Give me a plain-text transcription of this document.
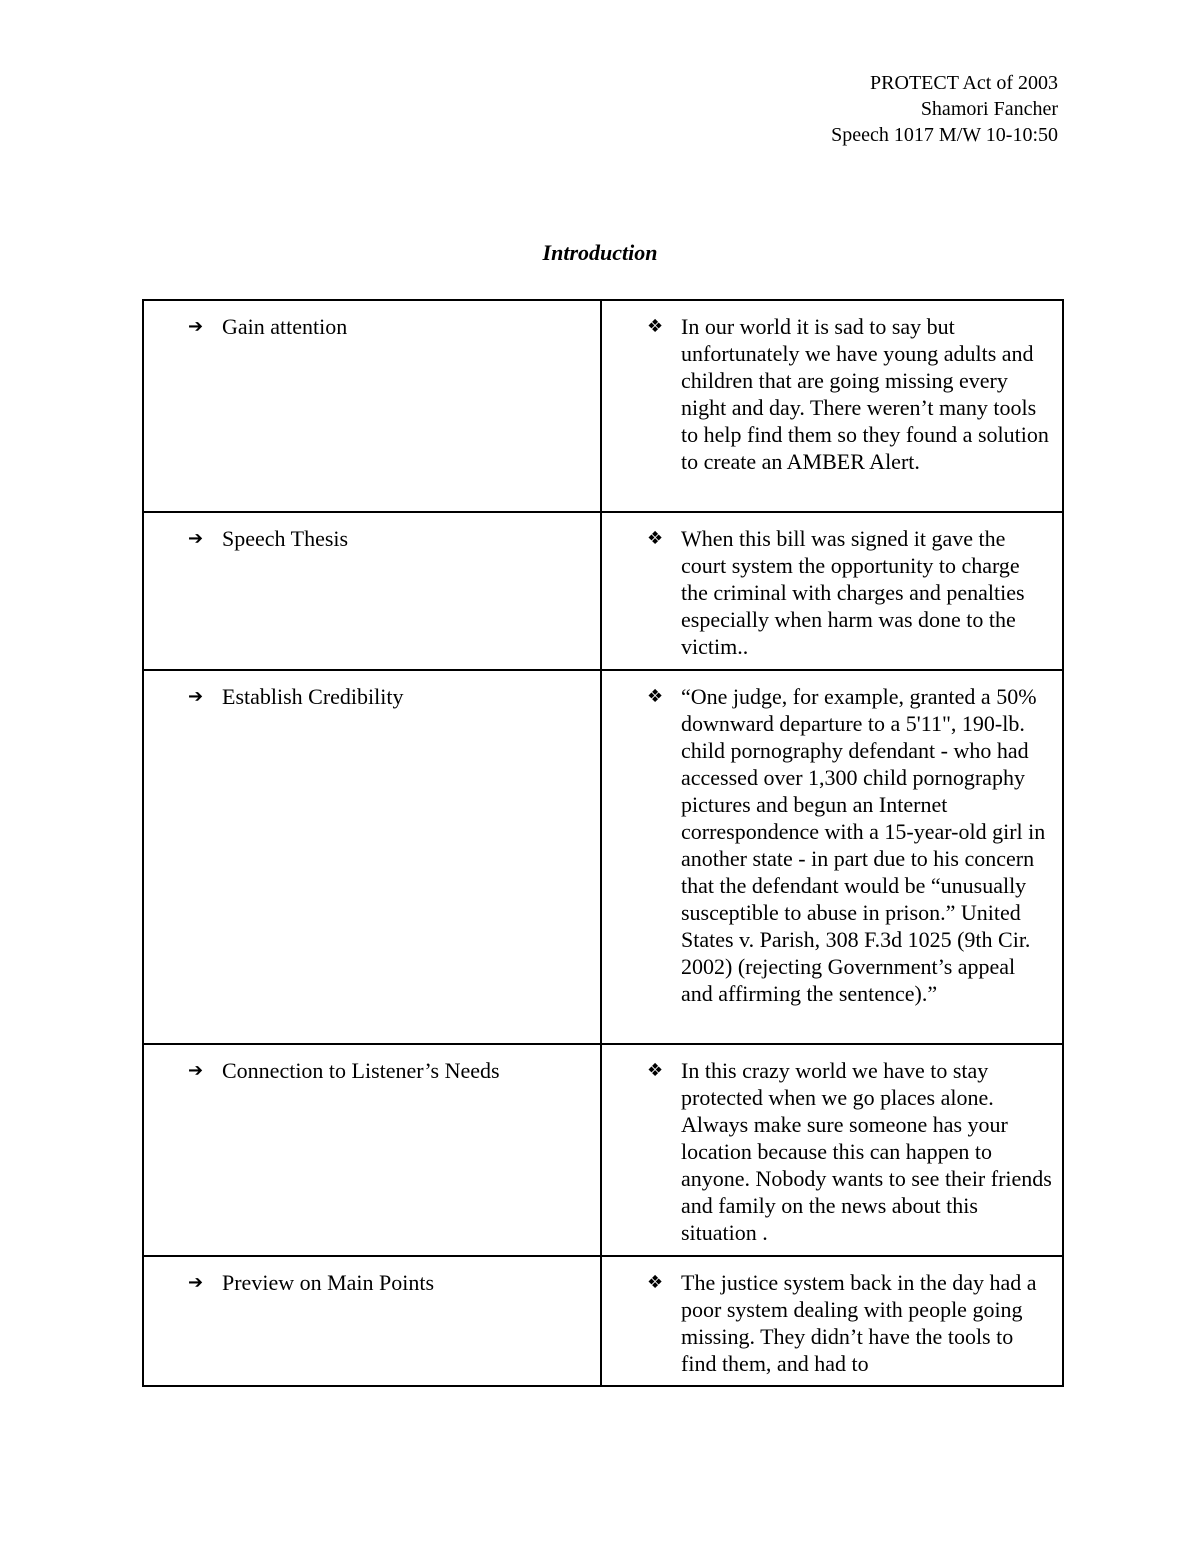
PROTECT Act of 2003
Shamori Fancher
Speech 1017 M/W 10-10:50
Introduction
➔ Gain attention	❖ In our world it is sad to say but unfortunately we have young adults and children that are going missing every night and day. There weren’t many tools to help find them so they found a solution to create an AMBER Alert.

➔ Speech Thesis	❖ When this bill was signed it gave the court system the opportunity to charge the criminal with charges and penalties especially when harm was done to the victim..

➔ Establish Credibility	❖ “One judge, for example, granted a 50% downward departure to a 5'11", 190-lb. child pornography defendant - who had accessed over 1,300 child pornography pictures and begun an Internet correspondence with a 15-year-old girl in another state - in part due to his concern that the defendant would be “unusually susceptible to abuse in prison.” United States v. Parish, 308 F.3d 1025 (9th Cir. 2002) (rejecting Government’s appeal and affirming the sentence).”

➔ Connection to Listener’s Needs	❖ In this crazy world we have to stay protected when we go places alone. Always make sure someone has your location because this can happen to anyone. Nobody wants to see their friends and family on the news about this situation .

➔ Preview on Main Points	❖ The justice system back in the day had a poor system dealing with people going missing. They didn’t have the tools to find them, and had to
